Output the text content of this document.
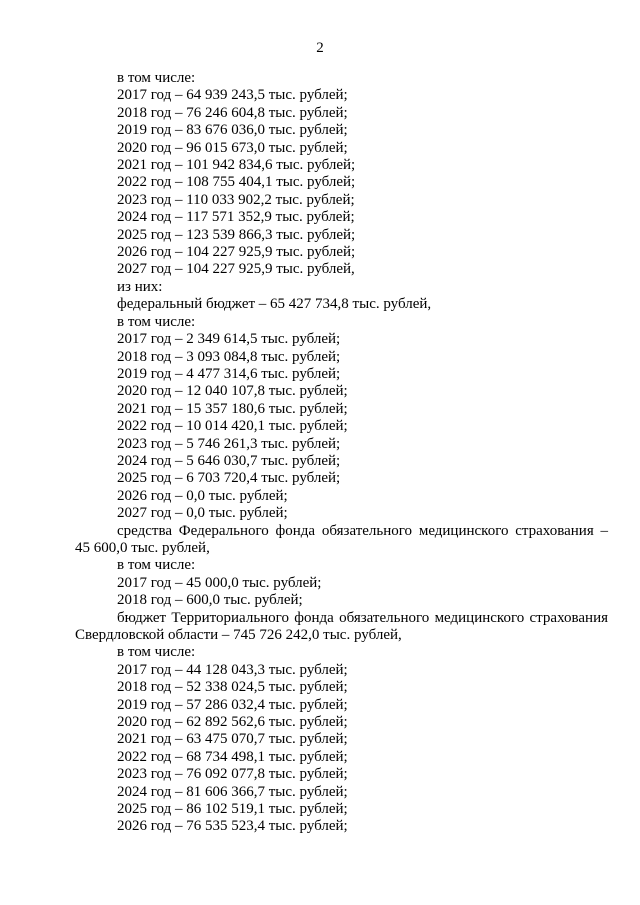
2
в том числе:
2017 год – 64 939 243,5 тыс. рублей;
2018 год – 76 246 604,8 тыс. рублей;
2019 год – 83 676 036,0 тыс. рублей;
2020 год – 96 015 673,0 тыс. рублей;
2021 год – 101 942 834,6 тыс. рублей;
2022 год – 108 755 404,1 тыс. рублей;
2023 год – 110 033 902,2 тыс. рублей;
2024 год – 117 571 352,9 тыс. рублей;
2025 год – 123 539 866,3 тыс. рублей;
2026 год – 104 227 925,9 тыс. рублей;
2027 год – 104 227 925,9 тыс. рублей,
из них:
федеральный бюджет – 65 427 734,8 тыс. рублей,
в том числе:
2017 год – 2 349 614,5 тыс. рублей;
2018 год – 3 093 084,8 тыс. рублей;
2019 год – 4 477 314,6 тыс. рублей;
2020 год – 12 040 107,8 тыс. рублей;
2021 год – 15 357 180,6 тыс. рублей;
2022 год – 10 014 420,1 тыс. рублей;
2023 год – 5 746 261,3 тыс. рублей;
2024 год – 5 646 030,7 тыс. рублей;
2025 год – 6 703 720,4 тыс. рублей;
2026 год – 0,0 тыс. рублей;
2027 год – 0,0 тыс. рублей;
средства Федерального фонда обязательного медицинского страхования – 45 600,0 тыс. рублей,
в том числе:
2017 год – 45 000,0 тыс. рублей;
2018 год – 600,0 тыс. рублей;
бюджет Территориального фонда обязательного медицинского страхования Свердловской области – 745 726 242,0 тыс. рублей,
в том числе:
2017 год – 44 128 043,3 тыс. рублей;
2018 год – 52 338 024,5 тыс. рублей;
2019 год – 57 286 032,4 тыс. рублей;
2020 год – 62 892 562,6 тыс. рублей;
2021 год – 63 475 070,7 тыс. рублей;
2022 год – 68 734 498,1 тыс. рублей;
2023 год – 76 092 077,8 тыс. рублей;
2024 год – 81 606 366,7 тыс. рублей;
2025 год – 86 102 519,1 тыс. рублей;
2026 год – 76 535 523,4 тыс. рублей;
